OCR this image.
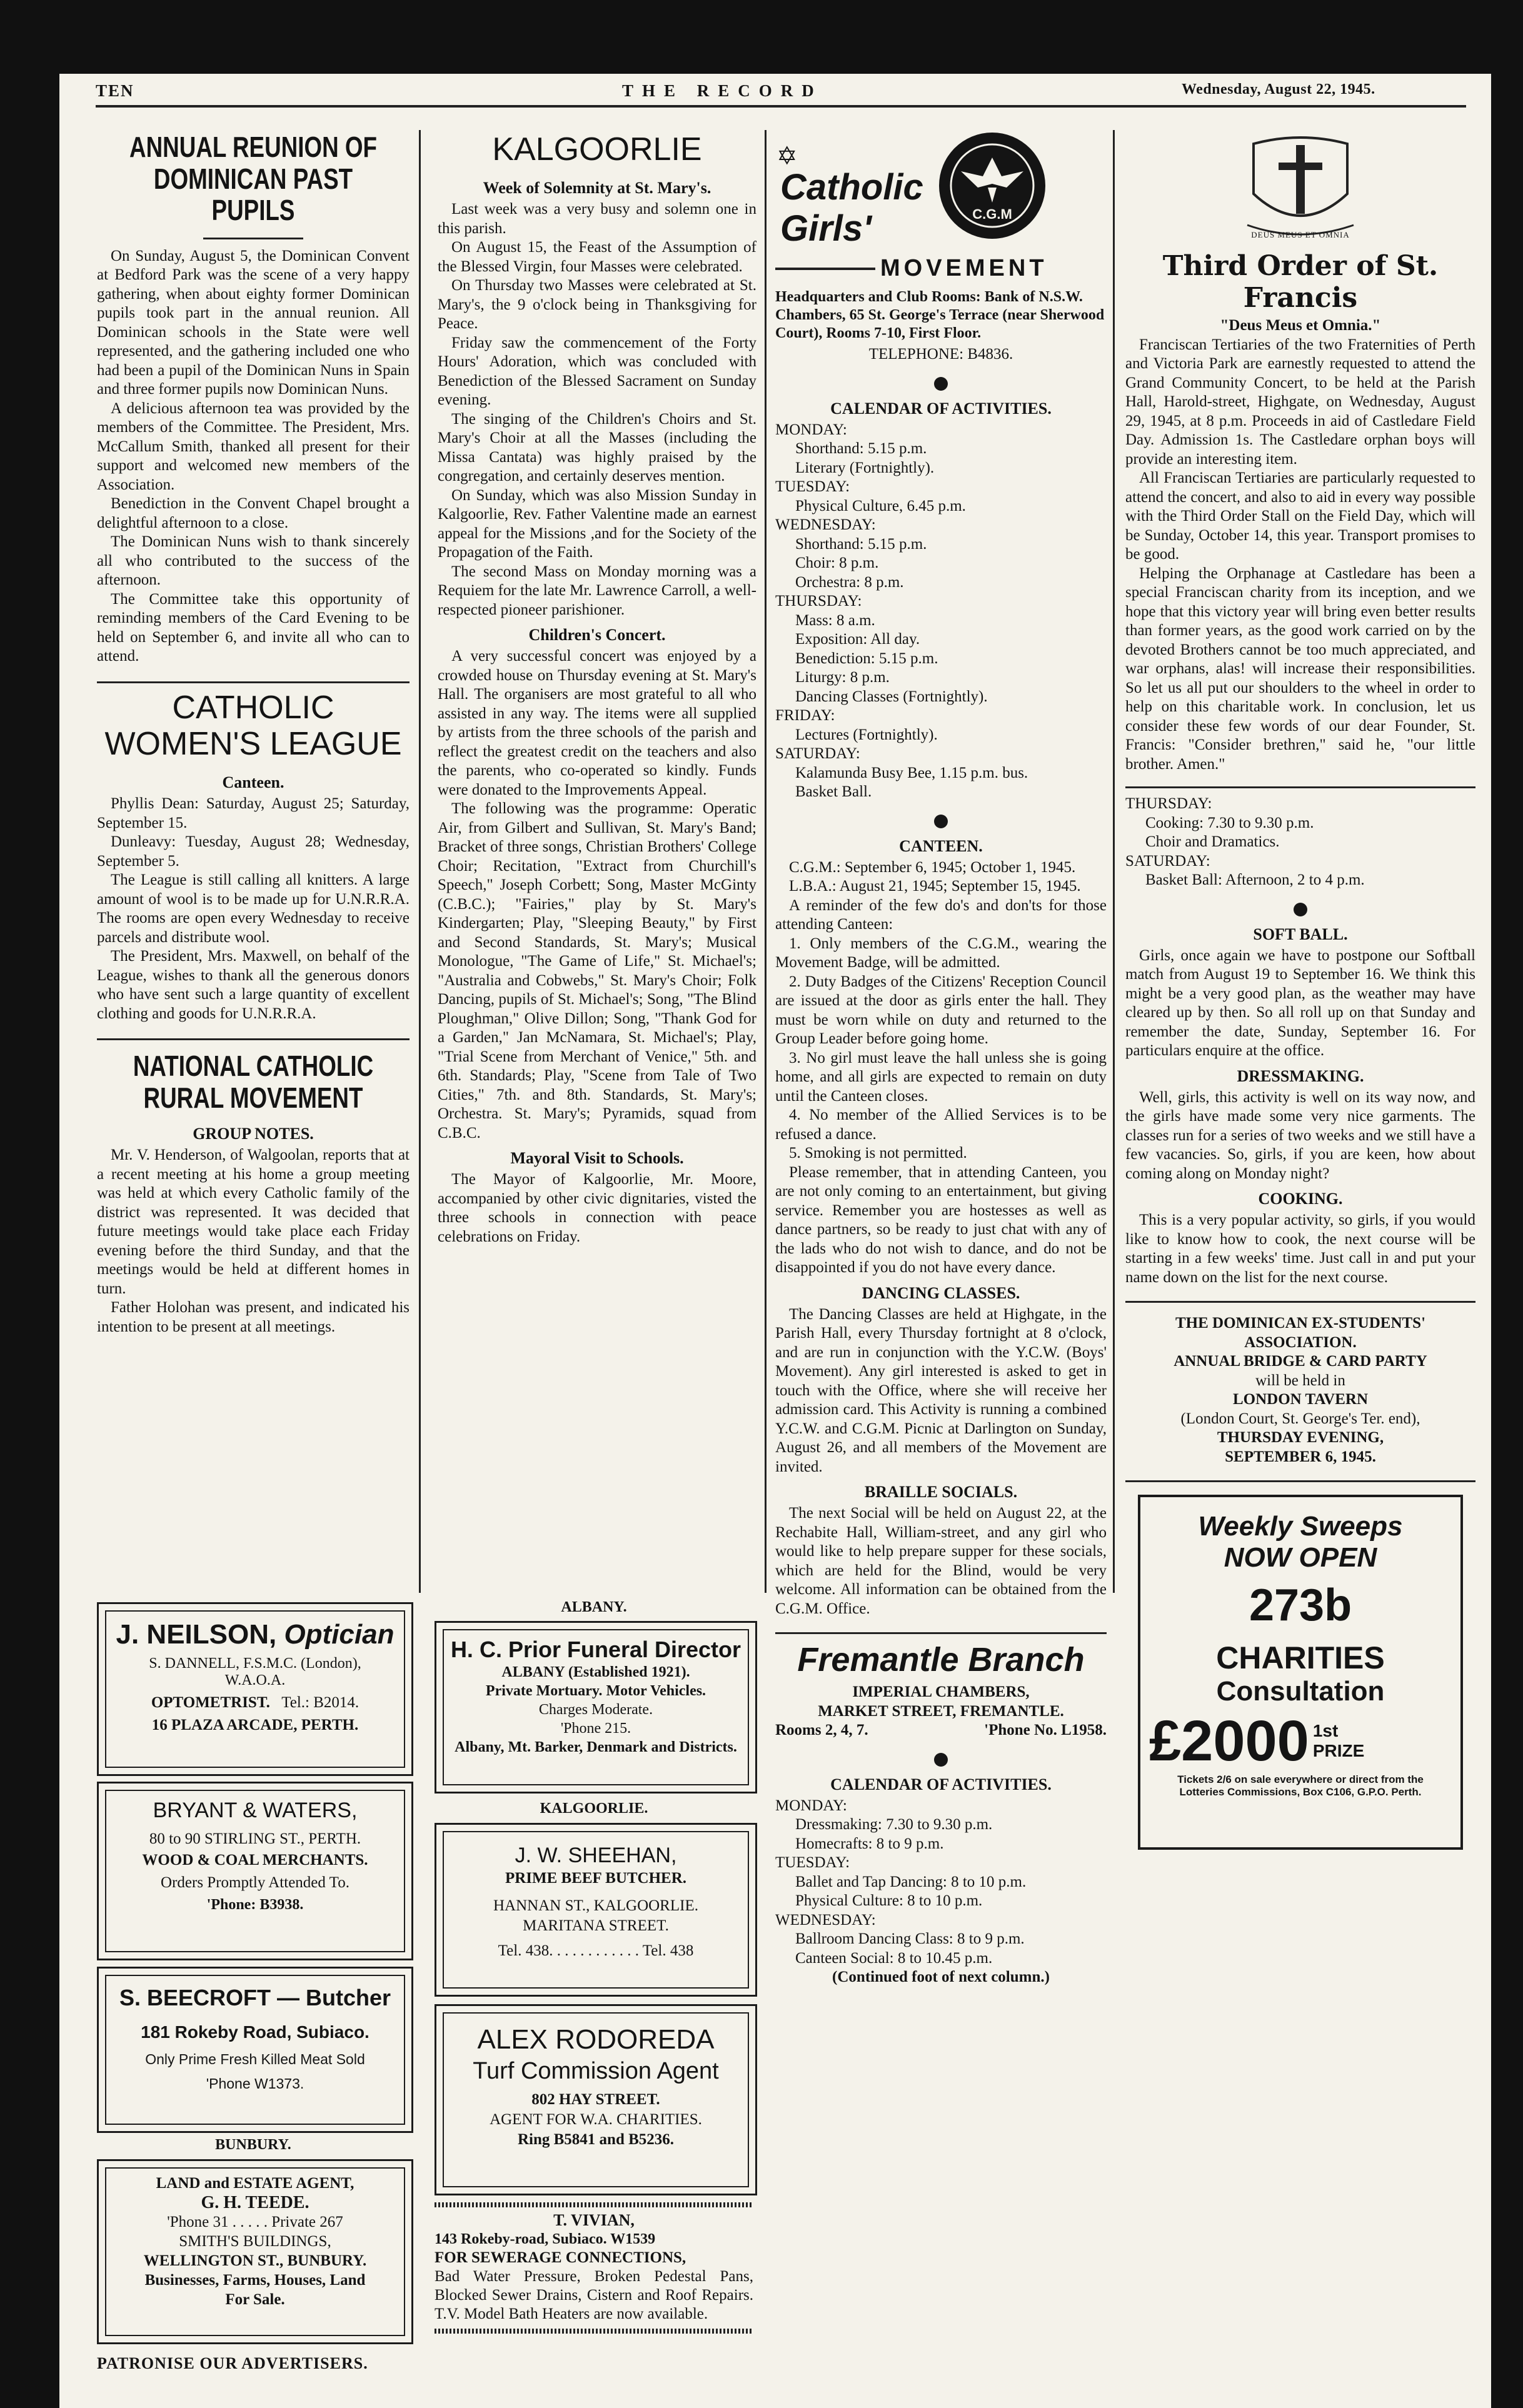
TEN	THE RECORD	Wednesday, August 22, 1945.
ANNUAL REUNION OF DOMINICAN PAST PUPILS

On Sunday, August 5, the Dominican Convent at Bedford Park was the scene of a very happy gathering, when about eighty former Dominican pupils took part in the annual reunion. All Dominican schools in the State were well represented, and the gathering included one who had been a pupil of the Dominican Nuns in Spain and three former pupils now Dominican Nuns.

A delicious afternoon tea was provided by the members of the Committee. The President, Mrs. McCallum Smith, thanked all present for their support and welcomed new members of the Association.

Benediction in the Convent Chapel brought a delightful afternoon to a close.

The Dominican Nuns wish to thank sincerely all who contributed to the success of the afternoon.

The Committee take this opportunity of reminding members of the Card Evening to be held on September 6, and invite all who can to attend.

CATHOLIC WOMEN'S LEAGUE
Canteen.

Phyllis Dean: Saturday, August 25; Saturday, September 15.

Dunleavy: Tuesday, August 28; Wednesday, September 5.

The League is still calling all knitters. A large amount of wool is to be made up for U.N.R.R.A. The rooms are open every Wednesday to receive parcels and distribute wool.

The President, Mrs. Maxwell, on behalf of the League, wishes to thank all the generous donors who have sent such a large quantity of excellent clothing and goods for U.N.R.R.A.

NATIONAL CATHOLIC RURAL MOVEMENT
GROUP NOTES.

Mr. V. Henderson, of Walgoolan, reports that at a recent meeting at his home a group meeting was held at which every Catholic family of the district was represented. It was decided that future meetings would take place each Friday evening before the third Sunday, and that the meetings would be held at different homes in turn.

Father Holohan was present, and indicated his intention to be present at all meetings.

KALGOORLIE
Week of Solemnity at St. Mary's.

Last week was a very busy and solemn one in this parish.

On August 15, the Feast of the Assumption of the Blessed Virgin, four Masses were celebrated.

On Thursday two Masses were celebrated at St. Mary's, the 9 o'clock being in Thanksgiving for Peace.

Friday saw the commencement of the Forty Hours' Adoration, which was concluded with Benediction of the Blessed Sacrament on Sunday evening.

The singing of the Children's Choirs and St. Mary's Choir at all the Masses (including the Missa Cantata) was highly praised by the congregation, and certainly deserves mention.

On Sunday, which was also Mission Sunday in Kalgoorlie, Rev. Father Valentine made an earnest appeal for the Missions ,and for the Society of the Propagation of the Faith.

The second Mass on Monday morning was a Requiem for the late Mr. Lawrence Carroll, a well-respected pioneer parishioner.

Children's Concert.

A very successful concert was enjoyed by a crowded house on Thursday evening at St. Mary's Hall. The organisers are most grateful to all who assisted in any way. The items were all supplied by artists from the three schools of the parish and reflect the greatest credit on the teachers and also the parents, who co-operated so kindly. Funds were donated to the Improvements Appeal.

The following was the programme: Operatic Air, from Gilbert and Sullivan, St. Mary's Band; Bracket of three songs, Christian Brothers' College Choir; Recitation, "Extract from Churchill's Speech," Joseph Corbett; Song, Master McGinty (C.B.C.); "Fairies," play by St. Mary's Kindergarten; Play, "Sleeping Beauty," by First and Second Standards, St. Mary's; Musical Monologue, "The Game of Life," St. Michael's; "Australia and Cobwebs," St. Mary's Choir; Folk Dancing, pupils of St. Michael's; Song, "The Blind Ploughman," Olive Dillon; Song, "Thank God for a Garden," Jan McNamara, St. Michael's; Play, "Trial Scene from Merchant of Venice," 5th. and 6th. Standards; Play, "Scene from Tale of Two Cities," 7th. and 8th. Standards, St. Mary's; Orchestra. St. Mary's; Pyramids, squad from C.B.C.

Mayoral Visit to Schools.

The Mayor of Kalgoorlie, Mr. Moore, accompanied by other civic dignitaries, visted the three schools in connection with peace celebrations on Friday.

✡
Catholic
Girls'	C.G.M
MOVEMENT

Headquarters and Club Rooms: Bank of N.S.W. Chambers, 65 St. George's Terrace (near Sherwood Court), Rooms 7-10, First Floor.

TELEPHONE: B4836.

CALENDAR OF ACTIVITIES.

MONDAY:

Shorthand: 5.15 p.m.

Literary (Fortnightly).

TUESDAY:

Physical Culture, 6.45 p.m.

WEDNESDAY:

Shorthand: 5.15 p.m.

Choir: 8 p.m.

Orchestra: 8 p.m.

THURSDAY:

Mass: 8 a.m.

Exposition: All day.

Benediction: 5.15 p.m.

Liturgy: 8 p.m.

Dancing Classes (Fortnightly).

FRIDAY:

Lectures (Fortnightly).

SATURDAY:

Kalamunda Busy Bee, 1.15 p.m. bus.

Basket Ball.

CANTEEN.

C.G.M.: September 6, 1945; October 1, 1945.

L.B.A.: August 21, 1945; September 15, 1945.

A reminder of the few do's and don'ts for those attending Canteen:

1. Only members of the C.G.M., wearing the Movement Badge, will be admitted.

2. Duty Badges of the Citizens' Reception Council are issued at the door as girls enter the hall. They must be worn while on duty and returned to the Group Leader before going home.

3. No girl must leave the hall unless she is going home, and all girls are expected to remain on duty until the Canteen closes.

4. No member of the Allied Services is to be refused a dance.

5. Smoking is not permitted.

Please remember, that in attending Canteen, you are not only coming to an entertainment, but giving service. Remember you are hostesses as well as dance partners, so be ready to just chat with any of the lads who do not wish to dance, and do not be disappointed if you do not have every dance.

DANCING CLASSES.

The Dancing Classes are held at Highgate, in the Parish Hall, every Thursday fortnight at 8 o'clock, and are run in conjunction with the Y.C.W. (Boys' Movement). Any girl interested is asked to get in touch with the Office, where she will receive her admission card. This Activity is running a combined Y.C.W. and C.G.M. Picnic at Darlington on Sunday, August 26, and all members of the Movement are invited.

BRAILLE SOCIALS.

The next Social will be held on August 22, at the Rechabite Hall, William-street, and any girl who would like to help prepare supper for these socials, which are held for the Blind, would be very welcome. All information can be obtained from the C.G.M. Office.

Fremantle Branch

IMPERIAL CHAMBERS,

MARKET STREET, FREMANTLE.

Rooms 2, 4, 7.	'Phone No. L1958.
CALENDAR OF ACTIVITIES.

MONDAY:

Dressmaking: 7.30 to 9.30 p.m.

Homecrafts: 8 to 9 p.m.

TUESDAY:

Ballet and Tap Dancing: 8 to 10 p.m.

Physical Culture: 8 to 10 p.m.

WEDNESDAY:

Ballroom Dancing Class: 8 to 9 p.m.

Canteen Social: 8 to 10.45 p.m.

(Continued foot of next column.)

DEUS MEUS ET OMNIA
Third Order of St. Francis

"Deus Meus et Omnia."

Franciscan Tertiaries of the two Fraternities of Perth and Victoria Park are earnestly requested to attend the Grand Community Concert, to be held at the Parish Hall, Harold-street, Highgate, on Wednesday, August 29, 1945, at 8 p.m. Proceeds in aid of Castledare Field Day. Admission 1s. The Castledare orphan boys will provide an interesting item.

All Franciscan Tertiaries are particularly requested to attend the concert, and also to aid in every way possible with the Third Order Stall on the Field Day, which will be Sunday, October 14, this year. Transport promises to be good.

Helping the Orphanage at Castledare has been a special Franciscan charity from its inception, and we hope that this victory year will bring even better results than former years, as the good work carried on by the devoted Brothers cannot be too much appreciated, and war orphans, alas! will increase their responsibilities. So let us all put our shoulders to the wheel in order to help on this charitable work. In conclusion, let us consider these few words of our dear Founder, St. Francis: "Consider brethren," said he, "our little brother. Amen."

THURSDAY:

Cooking: 7.30 to 9.30 p.m.

Choir and Dramatics.

SATURDAY:

Basket Ball: Afternoon, 2 to 4 p.m.

SOFT BALL.

Girls, once again we have to postpone our Softball match from August 19 to September 16. We think this might be a very good plan, as the weather may have cleared up by then. So all roll up on that Sunday and remember the date, Sunday, September 16. For particulars enquire at the office.

DRESSMAKING.

Well, girls, this activity is well on its way now, and the girls have made some very nice garments. The classes run for a series of two weeks and we still have a few vacancies. So, girls, if you are keen, how about coming along on Monday night?

COOKING.

This is a very popular activity, so girls, if you would like to know how to cook, the next course will be starting in a few weeks' time. Just call in and put your name down on the list for the next course.

THE DOMINICAN EX-STUDENTS' ASSOCIATION.

ANNUAL BRIDGE & CARD PARTY

will be held in

LONDON TAVERN

(London Court, St. George's Ter. end),

THURSDAY EVENING,

SEPTEMBER 6, 1945.

Weekly Sweeps
NOW OPEN
273b
CHARITIES
Consultation
£2000 1st
PRIZE

Tickets 2/6 on sale everywhere or direct from the Lotteries Commissions, Box C106, G.P.O. Perth.

J. NEILSON, Optician
S. DANNELL, F.S.M.C. (London),
W.A.O.A.
OPTOMETRIST. Tel.: B2014.
16 PLAZA ARCADE, PERTH.
BRYANT & WATERS,
80 to 90 STIRLING ST., PERTH.
WOOD & COAL MERCHANTS.
Orders Promptly Attended To.
'Phone: B3938.
S. BEECROFT — Butcher
181 Rokeby Road, Subiaco.
Only Prime Fresh Killed Meat Sold
'Phone W1373.
BUNBURY.
LAND and ESTATE AGENT,
G. H. TEEDE.
'Phone 31 . . . . . Private 267
SMITH'S BUILDINGS,
WELLINGTON ST., BUNBURY.
Businesses, Farms, Houses, Land
For Sale.
PATRONISE OUR ADVERTISERS.
ALBANY.
H. C. Prior Funeral Director
ALBANY (Established 1921).
Private Mortuary. Motor Vehicles.
Charges Moderate.
'Phone 215.
Albany, Mt. Barker, Denmark and Districts.
KALGOORLIE.
J. W. SHEEHAN,
PRIME BEEF BUTCHER.
HANNAN ST., KALGOORLIE.
MARITANA STREET.
Tel. 438. . . . . . . . . . . . Tel. 438
ALEX RODOREDA
Turf Commission Agent
802 HAY STREET.
AGENT FOR W.A. CHARITIES.
Ring B5841 and B5236.
T. VIVIAN,
143 Rokeby-road, Subiaco. W1539
FOR SEWERAGE CONNECTIONS,
Bad Water Pressure, Broken Pedestal Pans, Blocked Sewer Drains, Cistern and Roof Repairs. T.V. Model Bath Heaters are now available.
